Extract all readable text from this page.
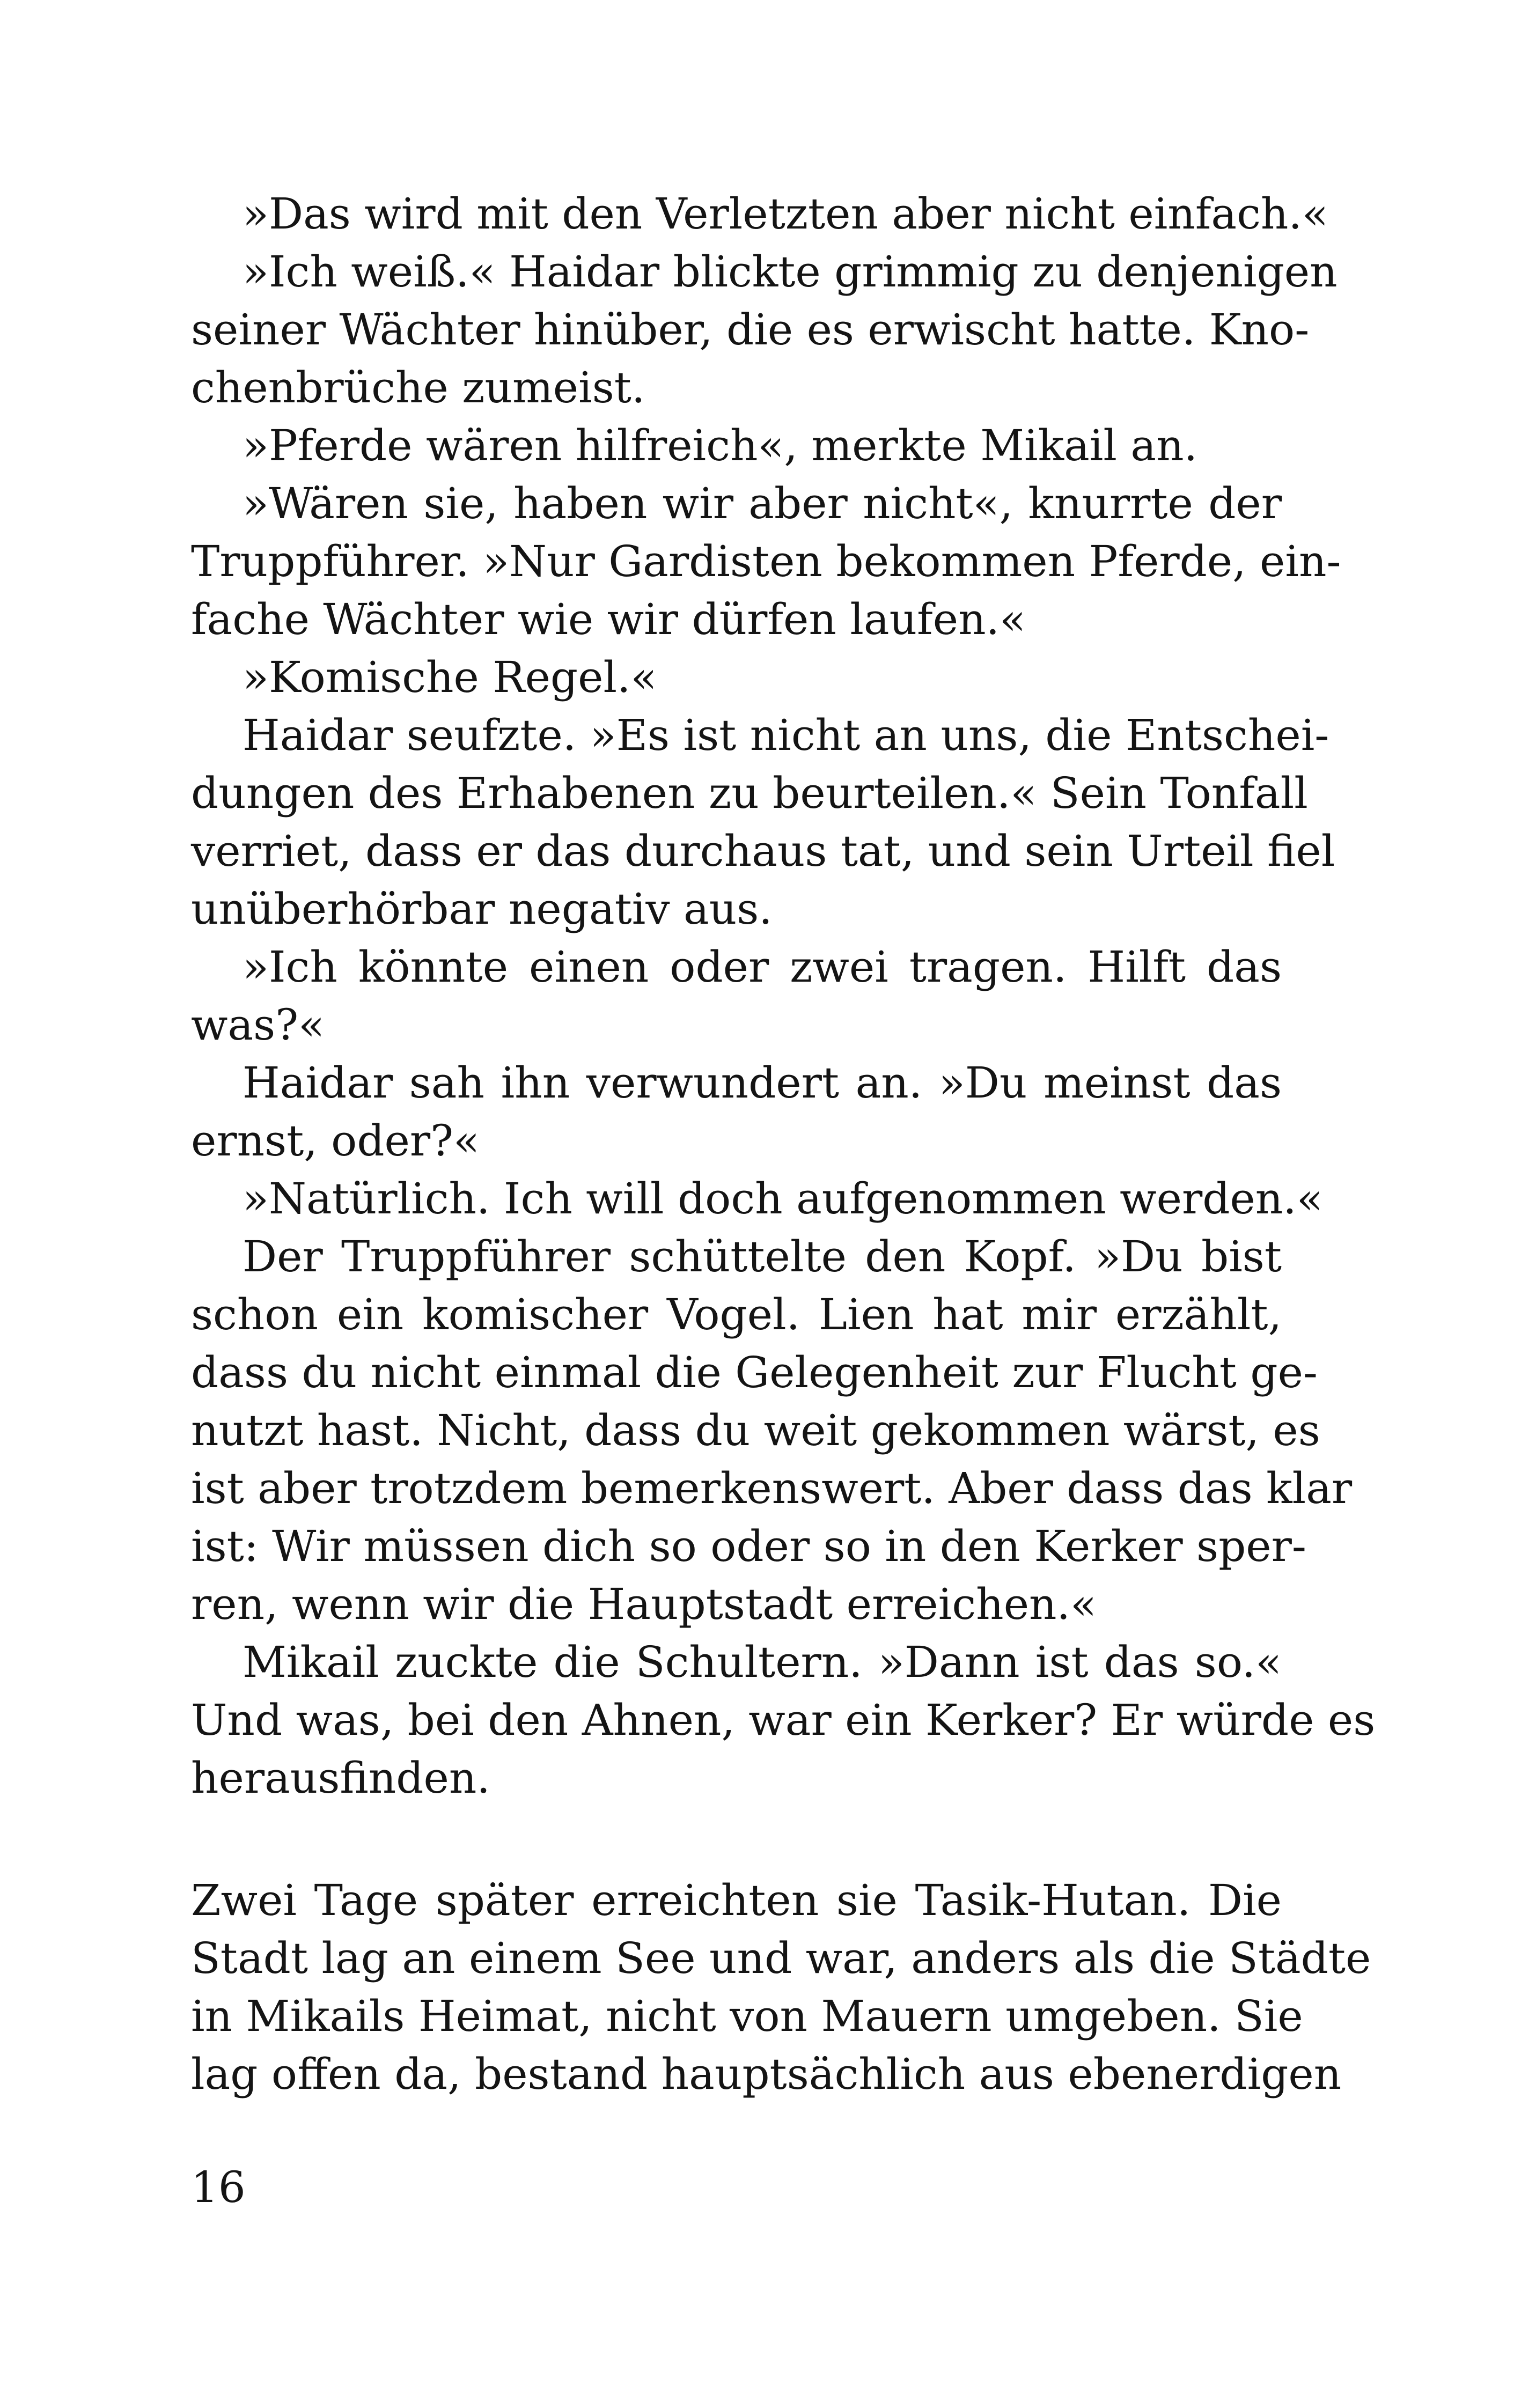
»Das wird mit den Verletzten aber nicht einfach.«
»Ich weiß.« Haidar blickte grimmig zu denjenigen
seiner Wächter hinüber, die es erwischt hatte. Kno-
chenbrüche zumeist.
»Pferde wären hilfreich«, merkte Mikail an.
»Wären sie, haben wir aber nicht«, knurrte der
Truppführer. »Nur Gardisten bekommen Pferde, ein-
fache Wächter wie wir dürfen laufen.«
»Komische Regel.«
Haidar seufzte. »Es ist nicht an uns, die Entschei-
dungen des Erhabenen zu beurteilen.« Sein Tonfall
verriet, dass er das durchaus tat, und sein Urteil fiel
unüberhörbar negativ aus.
»Ich könnte einen oder zwei tragen. Hilft das
was?«
Haidar sah ihn verwundert an. »Du meinst das
ernst, oder?«
»Natürlich. Ich will doch aufgenommen werden.«
Der Truppführer schüttelte den Kopf. »Du bist
schon ein komischer Vogel. Lien hat mir erzählt,
dass du nicht einmal die Gelegenheit zur Flucht ge-
nutzt hast. Nicht, dass du weit gekommen wärst, es
ist aber trotzdem bemerkenswert. Aber dass das klar
ist: Wir müssen dich so oder so in den Kerker sper-
ren, wenn wir die Hauptstadt erreichen.«
Mikail zuckte die Schultern. »Dann ist das so.«
Und was, bei den Ahnen, war ein Kerker? Er würde es
herausfinden.
Zwei Tage später erreichten sie Tasik-Hutan. Die
Stadt lag an einem See und war, anders als die Städte
in Mikails Heimat, nicht von Mauern umgeben. Sie
lag offen da, bestand hauptsächlich aus ebenerdigen
16
